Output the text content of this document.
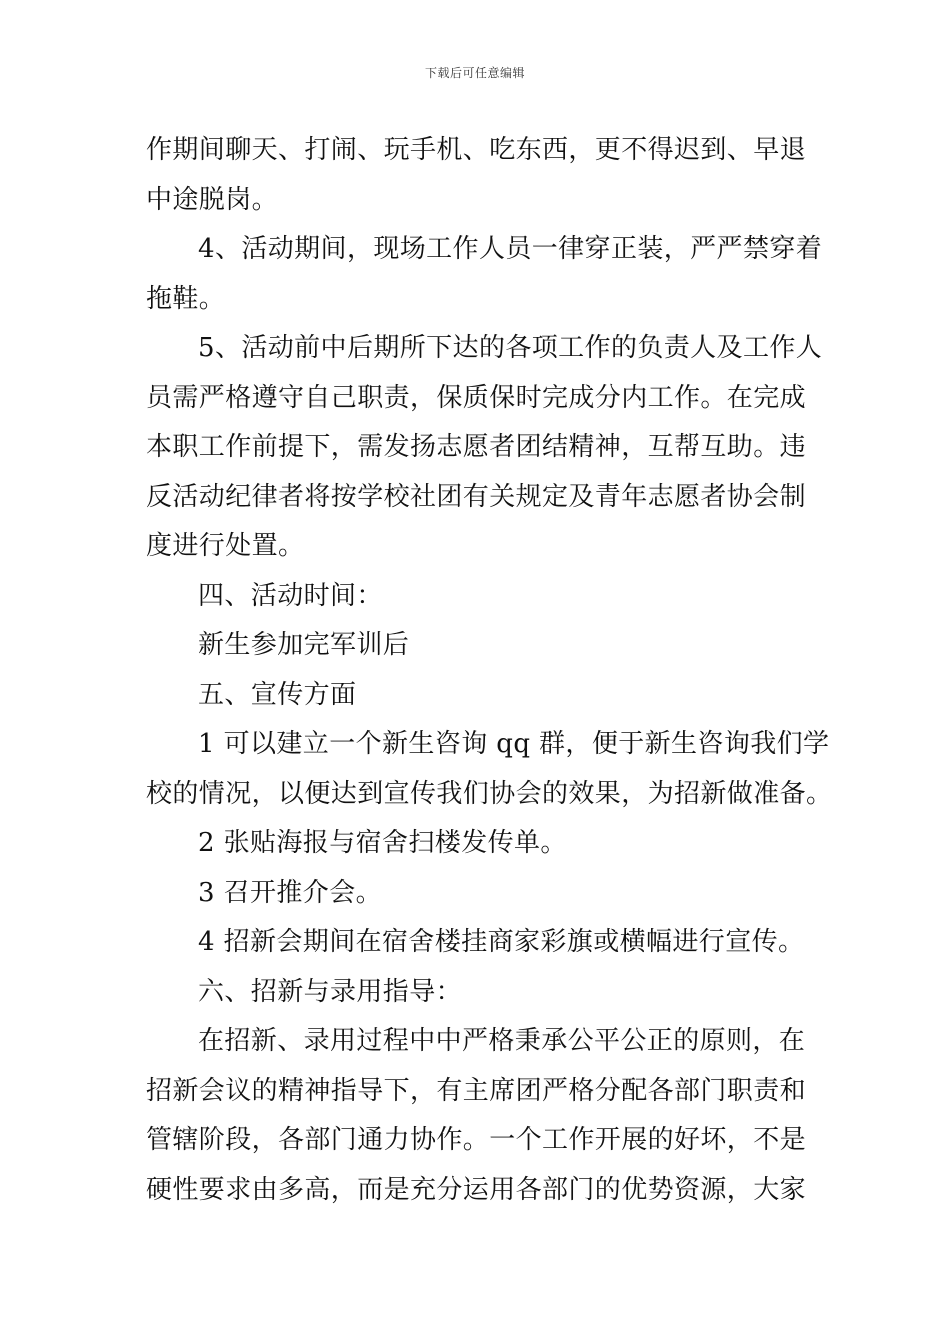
下载后可任意编辑
作期间聊天、打闹、玩手机、吃东西，更不得迟到、早退
中途脱岗。
4、活动期间，现场工作人员一律穿正装，严严禁穿着
拖鞋。
5、活动前中后期所下达的各项工作的负责人及工作人
员需严格遵守自己职责，保质保时完成分内工作。在完成
本职工作前提下，需发扬志愿者团结精神，互帮互助。违
反活动纪律者将按学校社团有关规定及青年志愿者协会制
度进行处置。
四、活动时间：
新生参加完军训后
五、宣传方面
1 可以建立一个新生咨询 qq 群，便于新生咨询我们学
校的情况，以便达到宣传我们协会的效果，为招新做准备。
2 张贴海报与宿舍扫楼发传单。
3 召开推介会。
4 招新会期间在宿舍楼挂商家彩旗或横幅进行宣传。
六、招新与录用指导：
在招新、录用过程中中严格秉承公平公正的原则，在
招新会议的精神指导下，有主席团严格分配各部门职责和
管辖阶段，各部门通力协作。一个工作开展的好坏，不是
硬性要求由多高，而是充分运用各部门的优势资源，大家
